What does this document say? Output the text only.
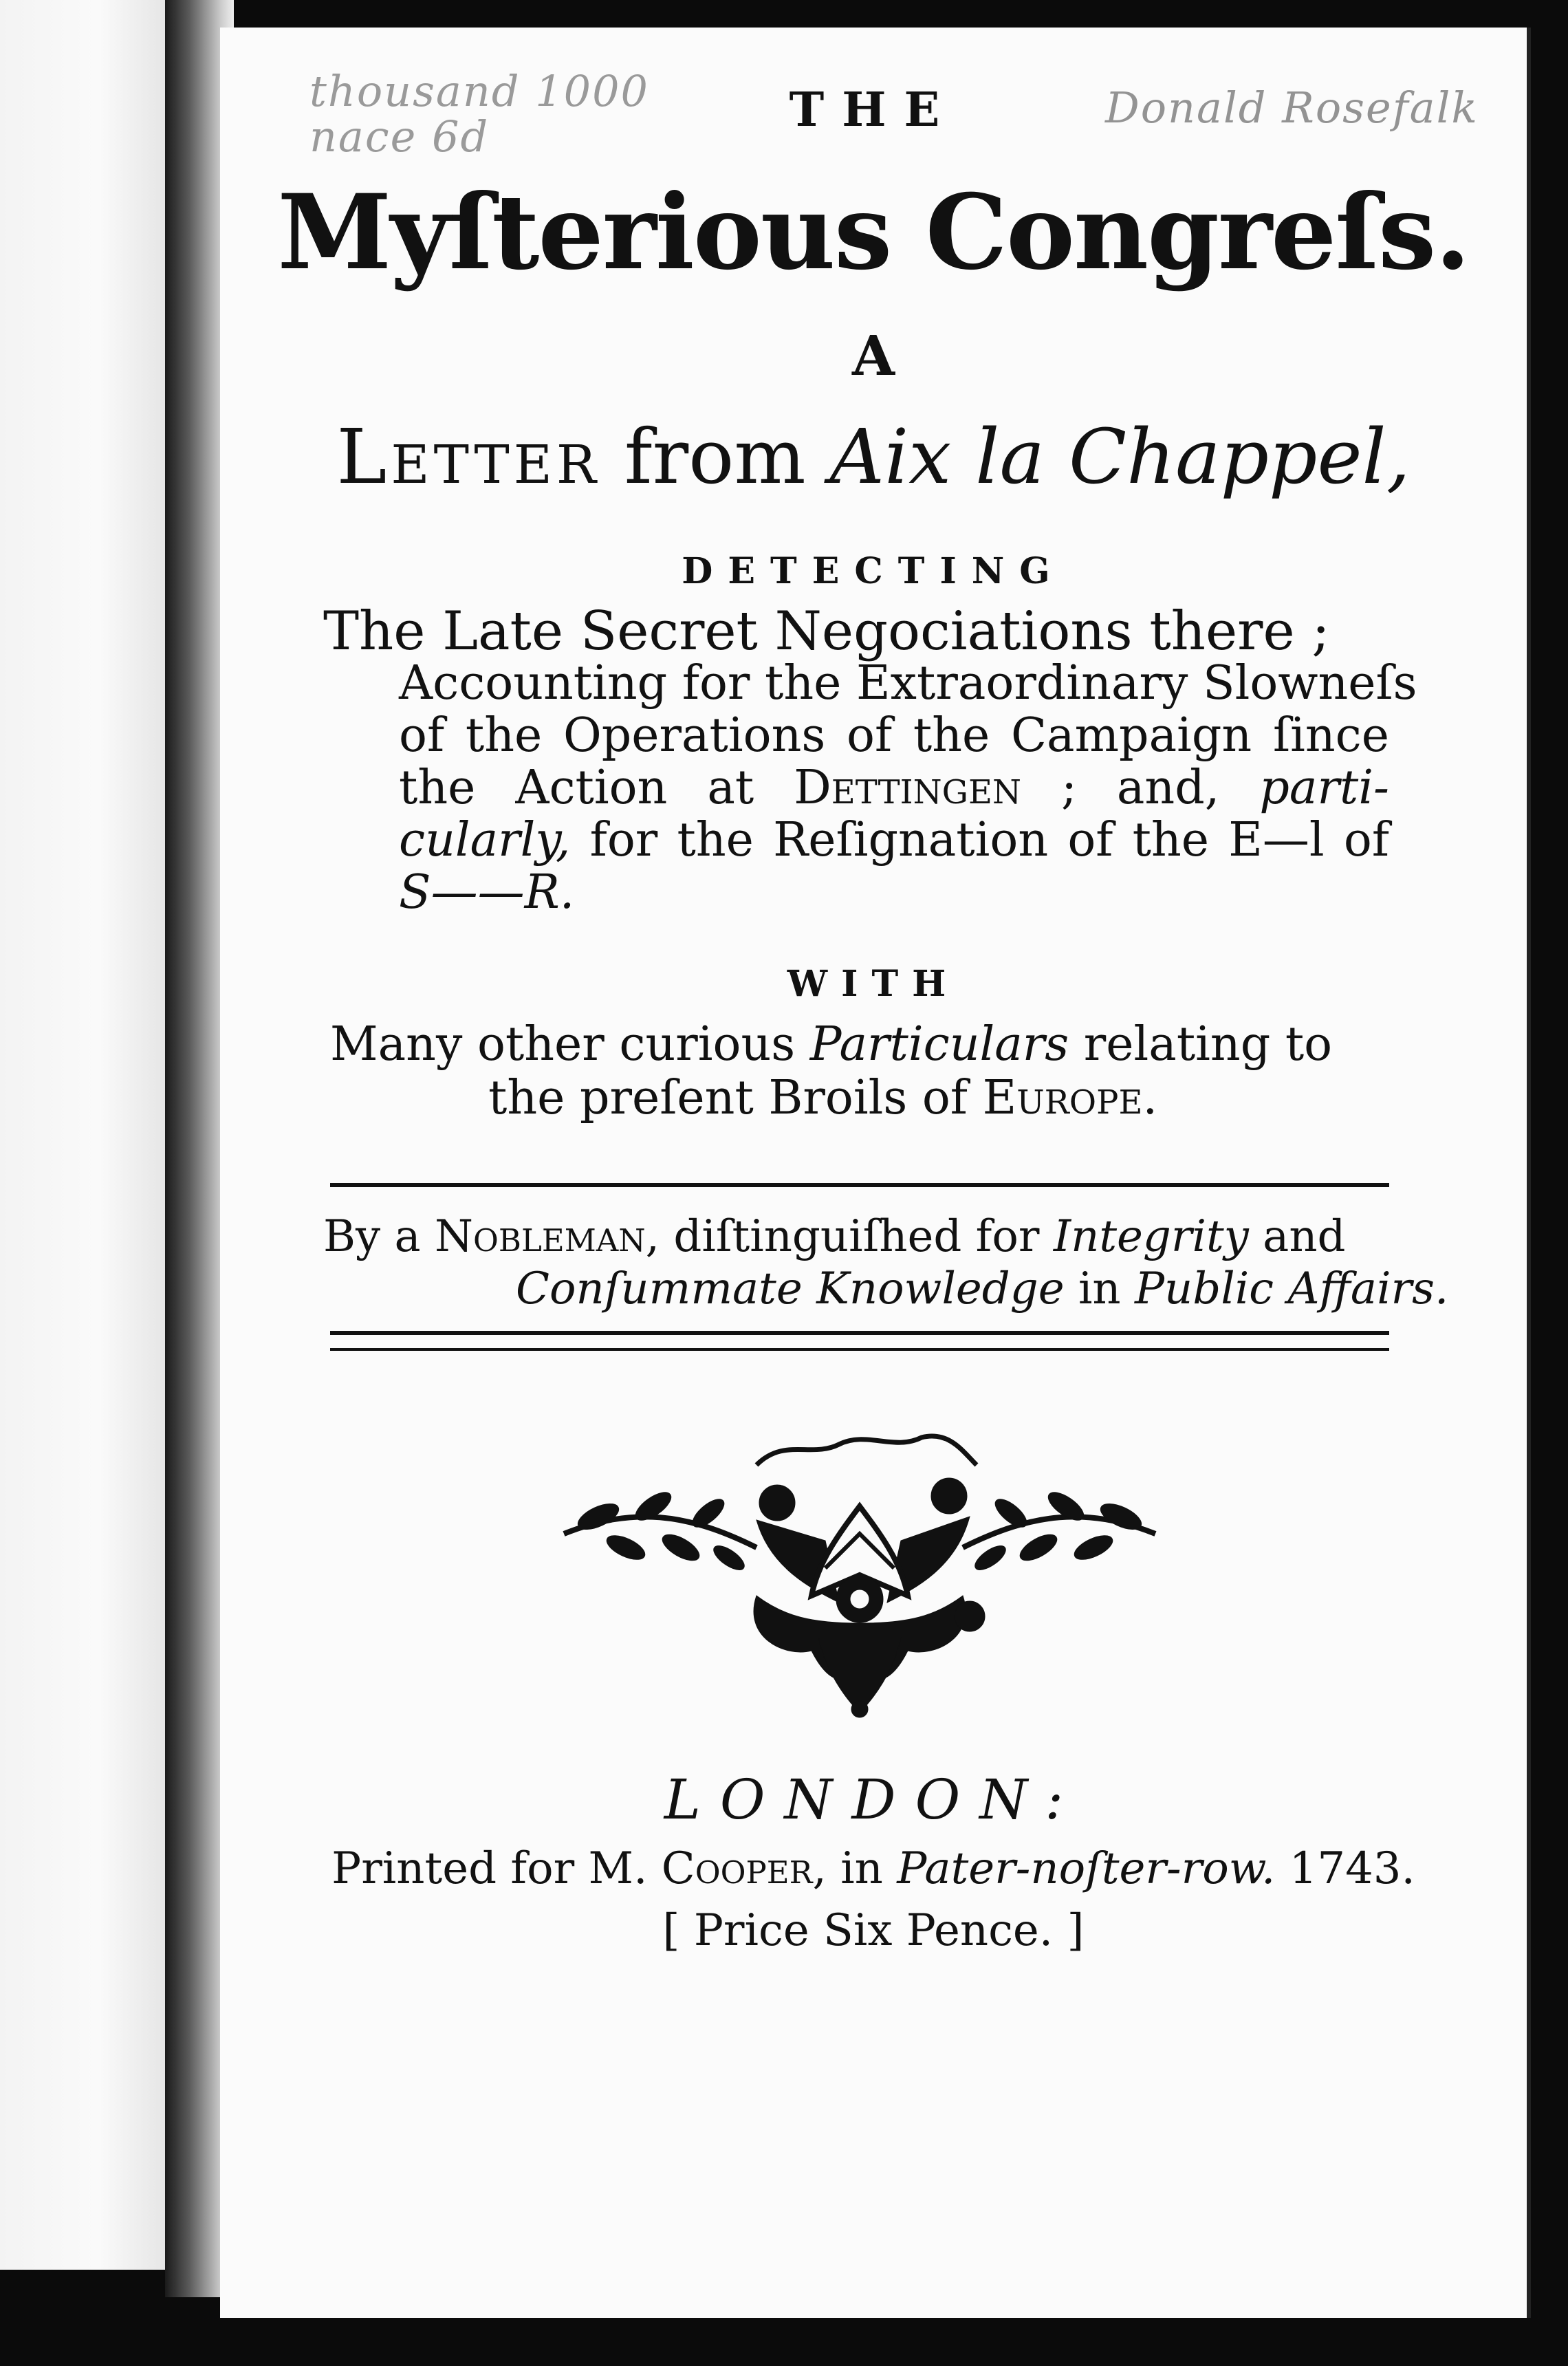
thousand 1000
nace 6d
Donald Rosefalk
THE
Myſterious Congreſs.
A
Letter from Aix la Chappel,
DETECTING
The Late Secret Negociations there ;
Accounting for the Extraordinary Slowneſs
of the Operations of the Campaign ſince
the Action at Dettingen ; and, parti-
cularly, for the Reſignation of the E—l of
S——R.
WITH
Many other curious Particulars relating to
the preſent Broils of Europe.
By a Nobleman, diſtinguiſhed for Integrity and
Conſummate Knowledge in Public Affairs.
LONDON:
Printed for M. Cooper, in Pater-noſter-row. 1743.
[ Price Six Pence. ]
